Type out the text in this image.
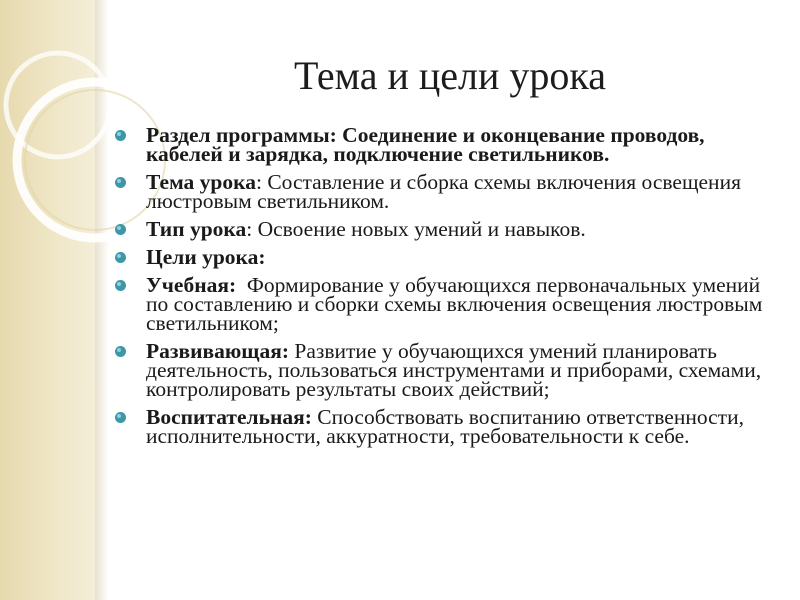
Тема и цели урока
Раздел программы: Соединение и оконцевание проводов, кабелей и зарядка, подключение светильников.
Тема урока: Составление и сборка схемы включения освещения люстровым светильником.
Тип урока: Освоение новых умений и навыков.
Цели урока:
Учебная:  Формирование у обучающихся первоначальных умений по составлению и сборки схемы включения освещения люстровым светильником;
Развивающая: Развитие у обучающихся умений планировать деятельность, пользоваться инструментами и приборами, схемами, контролировать результаты своих действий;
Воспитательная: Способствовать воспитанию ответственности, исполнительности, аккуратности, требовательности к себе.
